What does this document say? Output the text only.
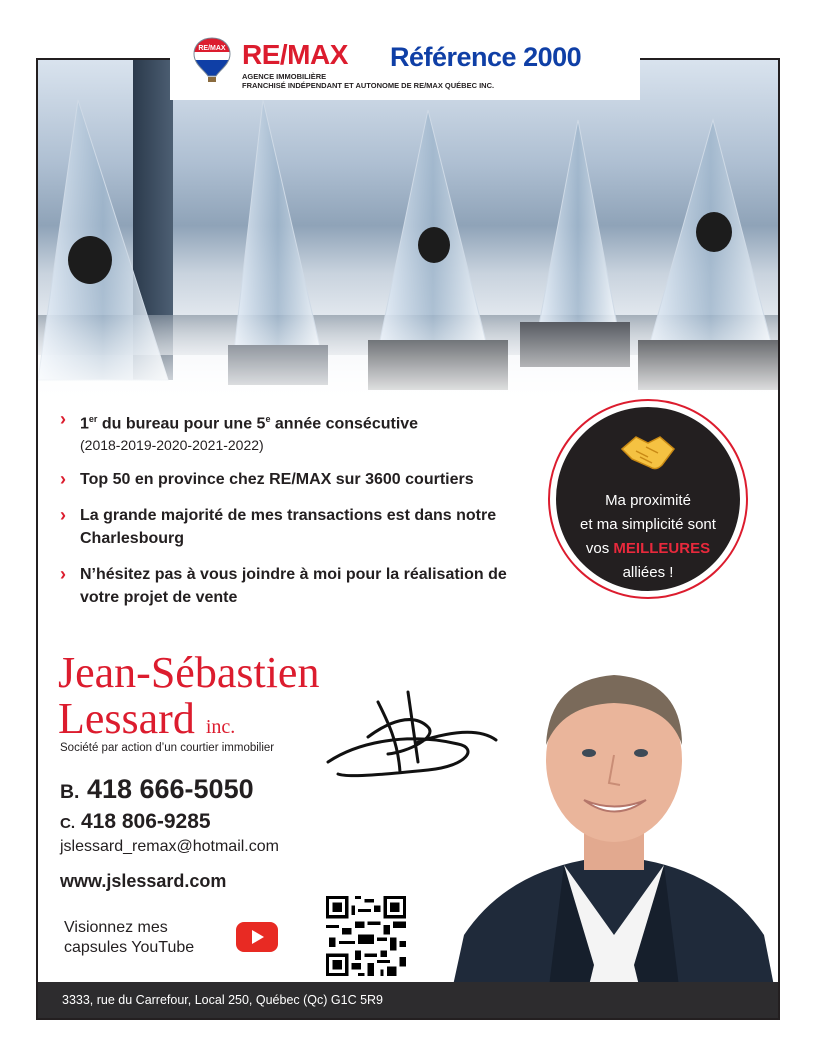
RE/MAX RE/MAX Référence 2000
AGENCE IMMOBILIÈRE
FRANCHISÉ INDÉPENDANT ET AUTONOME DE RE/MAX QUÉBEC INC.
› 1er du bureau pour une 5e année consécutive
(2018-2019-2020-2021-2022)
› Top 50 en province chez RE/MAX sur 3600 courtiers
› La grande majorité de mes transactions est dans notre Charlesbourg
› N’hésitez pas à vous joindre à moi pour la réalisation de votre projet de vente
Ma proximité
et ma simplicité sont
vos MEILLEURES
alliées !
Jean-Sébastien
Lessard inc.
Société par action d’un courtier immobilier
B. 418 666-5050
C. 418 806-9285
jslessard_remax@hotmail.com
www.jslessard.com
Visionnez mes
capsules YouTube
3333, rue du Carrefour, Local 250, Québec (Qc) G1C 5R9
